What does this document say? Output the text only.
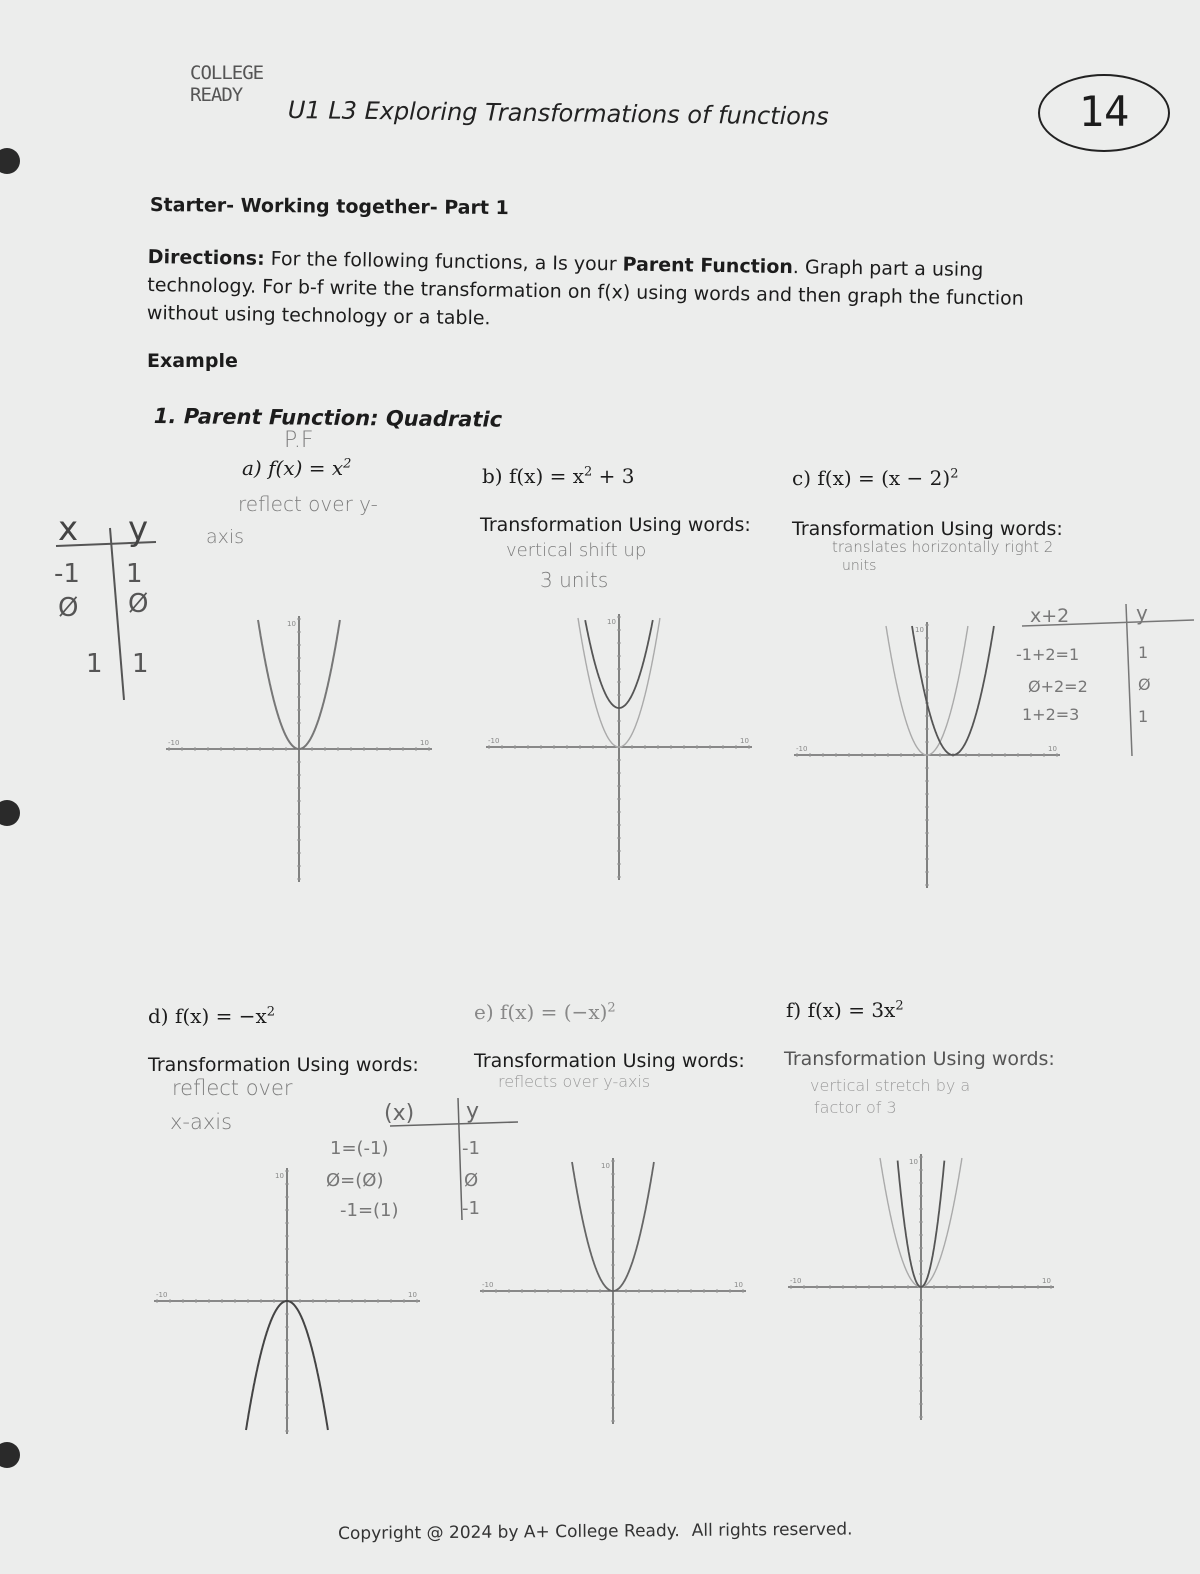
COLLEGE
READY
U1 L3 Exploring Transformations of functions	14
Starter- Working together- Part 1
Directions: For the following functions, a Is your Parent Function. Graph part a using technology. For b-f write the transformation on f(x) using words and then graph the function without using technology or a table.
Example
1. Parent Function: Quadratic
P.F
a) $f(x) = x^2$
reflect over y-
axis
x y
-1 1
Ø Ø
1 1
b) $f(x) = x^2 + 3$
Transformation Using words:
vertical shift up
3 units
c) $f(x) = (x - 2)^2$
Transformation Using words:
translates horizontally right 2
units
x+2	y
-1+2=1	1
Ø+2=2	Ø
1+2=3	1
d) $f(x) = -x^2$
Transformation Using words:
reflect over
x-axis	(x) y
1=(-1)	-1
Ø=(Ø)	Ø
-1=(1)	-1
e) $f(x) = (-x)^2$
Transformation Using words:
reflects over y-axis
f) $f(x) = 3x^2$
Transformation Using words:
vertical stretch by a
factor of 3
-10	10
10
-10	10
10
-10	10
10
-10	10
10
-10	10
10
-10	10
10
Copyright @ 2024 by A+ College Ready. All rights reserved.
